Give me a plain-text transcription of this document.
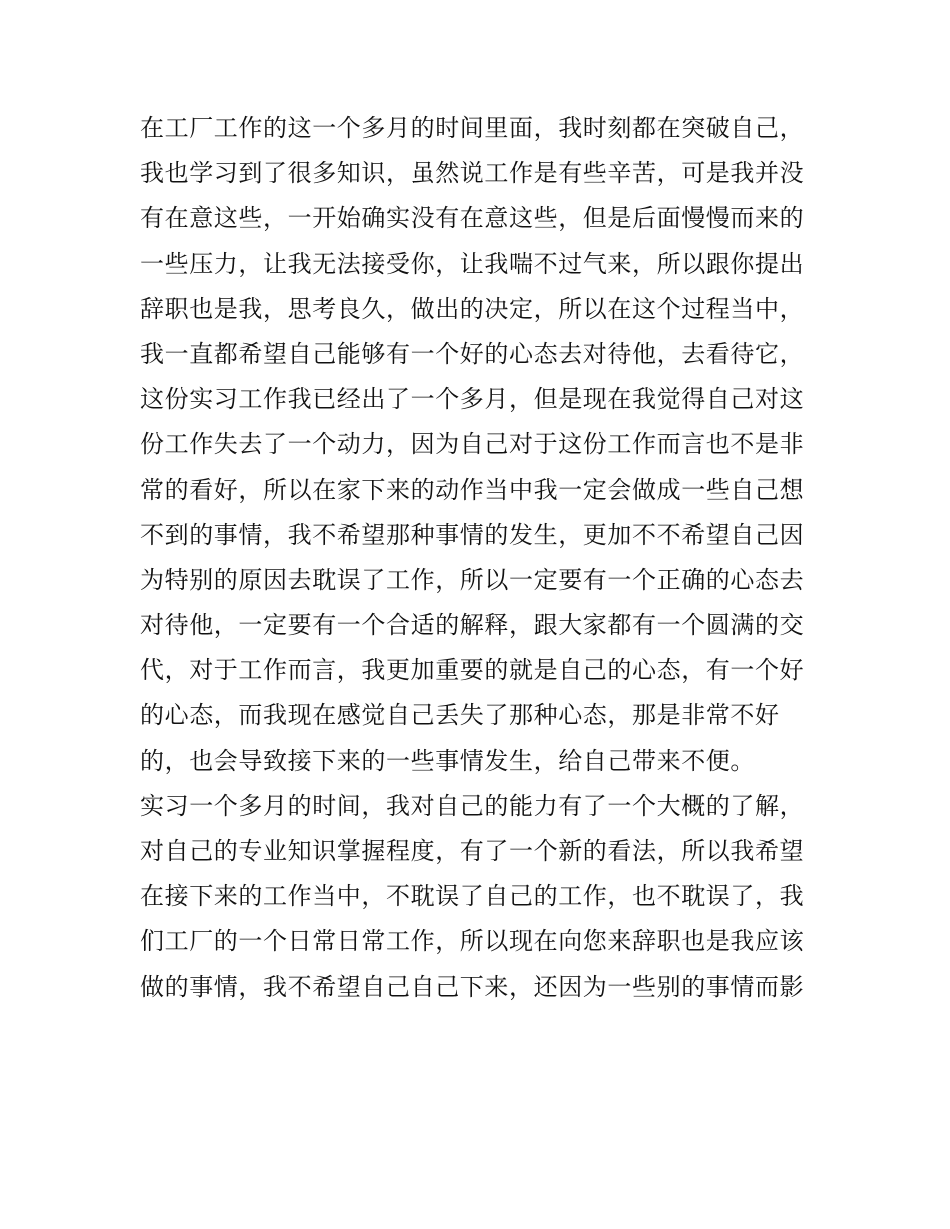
在工厂工作的这一个多月的时间里面，我时刻都在突破自己，
我也学习到了很多知识，虽然说工作是有些辛苦，可是我并没
有在意这些，一开始确实没有在意这些，但是后面慢慢而来的
一些压力，让我无法接受你，让我喘不过气来，所以跟你提出
辞职也是我，思考良久，做出的决定，所以在这个过程当中，
我一直都希望自己能够有一个好的心态去对待他，去看待它，
这份实习工作我已经出了一个多月，但是现在我觉得自己对这
份工作失去了一个动力，因为自己对于这份工作而言也不是非
常的看好，所以在家下来的动作当中我一定会做成一些自己想
不到的事情，我不希望那种事情的发生，更加不不希望自己因
为特别的原因去耽误了工作，所以一定要有一个正确的心态去
对待他，一定要有一个合适的解释，跟大家都有一个圆满的交
代，对于工作而言，我更加重要的就是自己的心态，有一个好
的心态，而我现在感觉自己丢失了那种心态，那是非常不好
的，也会导致接下来的一些事情发生，给自己带来不便。
实习一个多月的时间，我对自己的能力有了一个大概的了解，
对自己的专业知识掌握程度，有了一个新的看法，所以我希望
在接下来的工作当中，不耽误了自己的工作，也不耽误了，我
们工厂的一个日常日常工作，所以现在向您来辞职也是我应该
做的事情，我不希望自己自己下来，还因为一些别的事情而影
